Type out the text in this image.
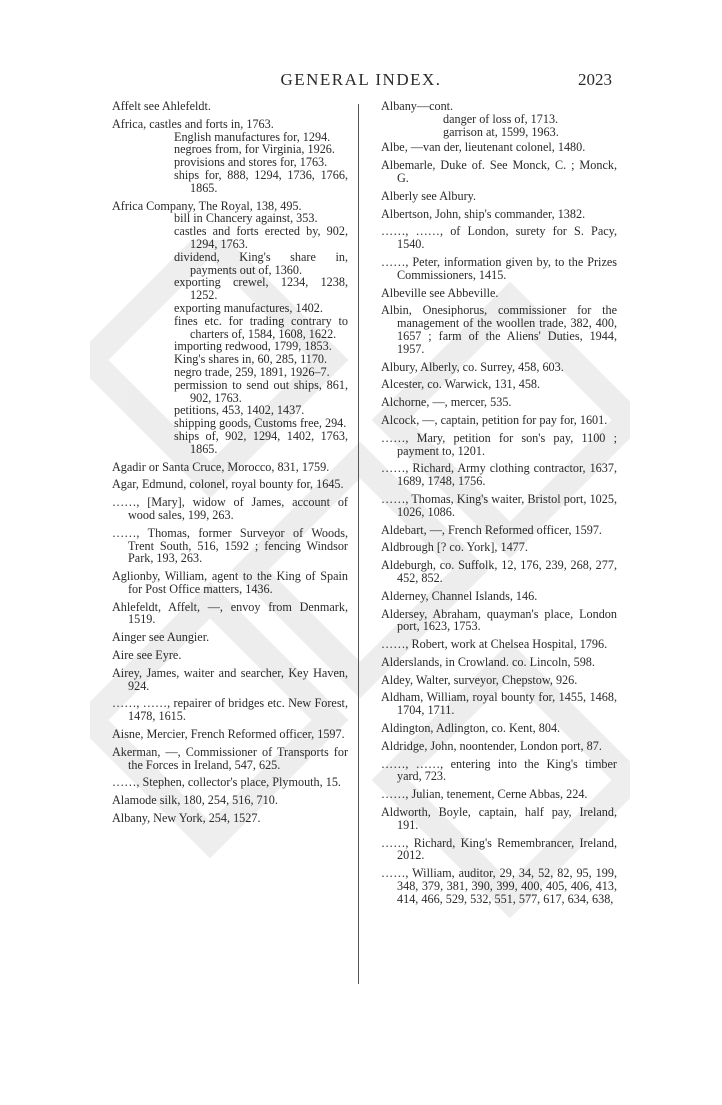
GENERAL INDEX.	2023
Affelt see Ahlefeldt.
Africa, castles and forts in, 1763.
English manufactures for, 1294.
negroes from, for Virginia, 1926.
provisions and stores for, 1763.
ships for, 888, 1294, 1736, 1766, 1865.
Africa Company, The Royal, 138, 495.
bill in Chancery against, 353.
castles and forts erected by, 902, 1294, 1763.
dividend, King's share in, payments out of, 1360.
exporting crewel, 1234, 1238, 1252.
exporting manufactures, 1402.
fines etc. for trading contrary to charters of, 1584, 1608, 1622.
importing redwood, 1799, 1853.
King's shares in, 60, 285, 1170.
negro trade, 259, 1891, 1926–7.
permission to send out ships, 861, 902, 1763.
petitions, 453, 1402, 1437.
shipping goods, Customs free, 294.
ships of, 902, 1294, 1402, 1763, 1865.
Agadir or Santa Cruce, Morocco, 831, 1759.
Agar, Edmund, colonel, royal bounty for, 1645.
……, [Mary], widow of James, account of wood sales, 199, 263.
……, Thomas, former Surveyor of Woods, Trent South, 516, 1592 ; fencing Windsor Park, 193, 263.
Aglionby, William, agent to the King of Spain for Post Office matters, 1436.
Ahlefeldt, Affelt, —, envoy from Denmark, 1519.
Ainger see Aungier.
Aire see Eyre.
Airey, James, waiter and searcher, Key Haven, 924.
……, ……, repairer of bridges etc. New Forest, 1478, 1615.
Aisne, Mercier, French Reformed officer, 1597.
Akerman, —, Commissioner of Transports for the Forces in Ireland, 547, 625.
……, Stephen, collector's place, Plymouth, 15.
Alamode silk, 180, 254, 516, 710.
Albany, New York, 254, 1527.
Albany—cont.
danger of loss of, 1713.
garrison at, 1599, 1963.
Albe, —van der, lieutenant colonel, 1480.
Albemarle, Duke of. See Monck, C. ; Monck, G.
Alberly see Albury.
Albertson, John, ship's commander, 1382.
……, ……, of London, surety for S. Pacy, 1540.
……, Peter, information given by, to the Prizes Commissioners, 1415.
Albeville see Abbeville.
Albin, Onesiphorus, commissioner for the management of the woollen trade, 382, 400, 1657 ; farm of the Aliens' Duties, 1944, 1957.
Albury, Alberly, co. Surrey, 458, 603.
Alcester, co. Warwick, 131, 458.
Alchorne, —, mercer, 535.
Alcock, —, captain, petition for pay for, 1601.
……, Mary, petition for son's pay, 1100 ; payment to, 1201.
……, Richard, Army clothing contractor, 1637, 1689, 1748, 1756.
……, Thomas, King's waiter, Bristol port, 1025, 1026, 1086.
Aldebart, —, French Reformed officer, 1597.
Aldbrough [? co. York], 1477.
Aldeburgh, co. Suffolk, 12, 176, 239, 268, 277, 452, 852.
Alderney, Channel Islands, 146.
Aldersey, Abraham, quayman's place, London port, 1623, 1753.
……, Robert, work at Chelsea Hospital, 1796.
Alderslands, in Crowland. co. Lincoln, 598.
Aldey, Walter, surveyor, Chepstow, 926.
Aldham, William, royal bounty for, 1455, 1468, 1704, 1711.
Aldington, Adlington, co. Kent, 804.
Aldridge, John, noontender, London port, 87.
……, ……, entering into the King's timber yard, 723.
……, Julian, tenement, Cerne Abbas, 224.
Aldworth, Boyle, captain, half pay, Ireland, 191.
……, Richard, King's Remembrancer, Ireland, 2012.
……, William, auditor, 29, 34, 52, 82, 95, 199, 348, 379, 381, 390, 399, 400, 405, 406, 413, 414, 466, 529, 532, 551, 577, 617, 634, 638,
